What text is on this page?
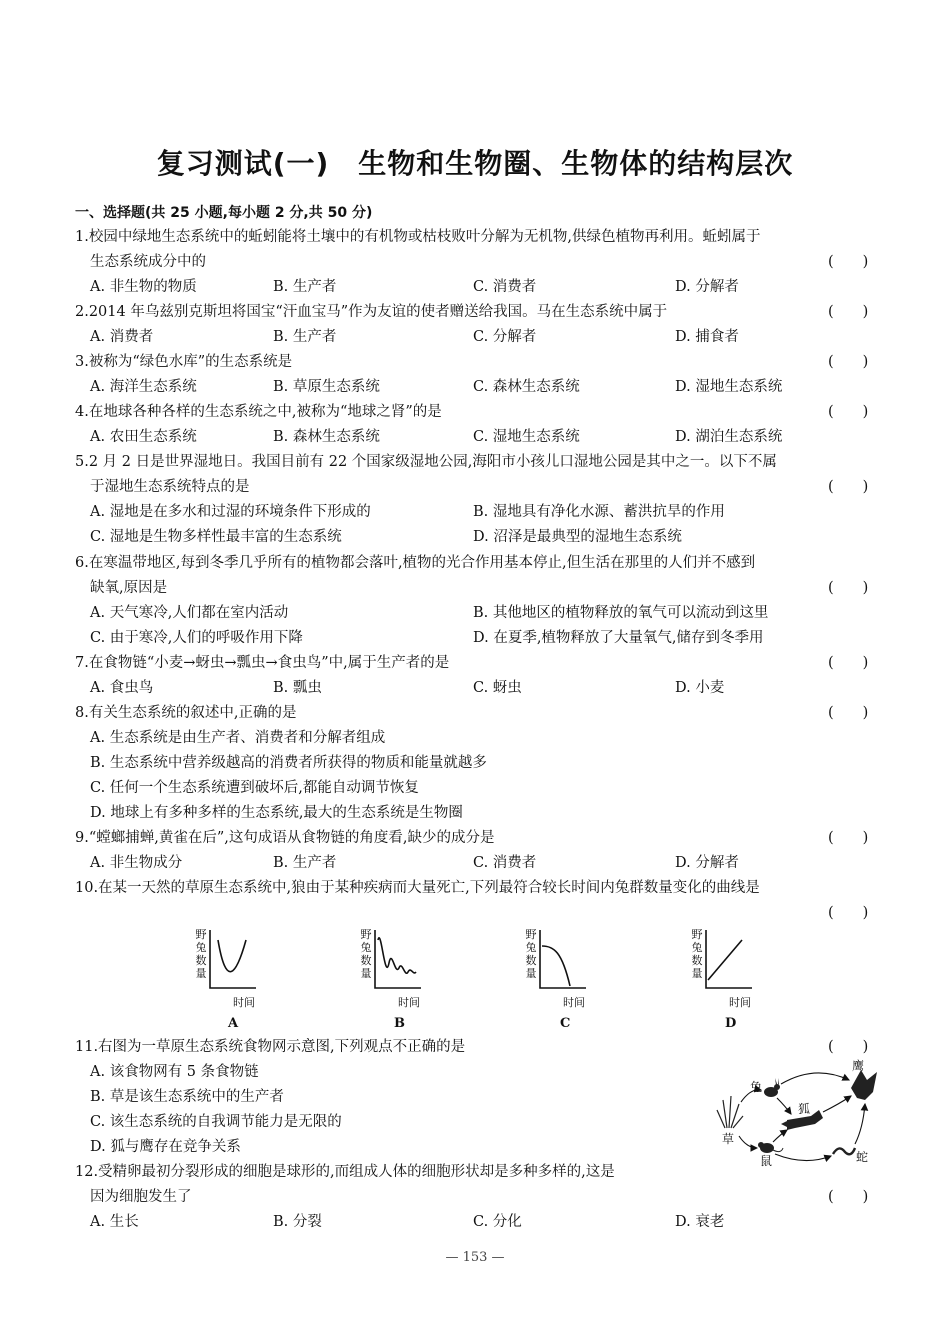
复习测试(一)　生物和生物圈、生物体的结构层次
一、选择题(共 25 小题,每小题 2 分,共 50 分)
1.校园中绿地生态系统中的蚯蚓能将土壤中的有机物或枯枝败叶分解为无机物,供绿色植物再利用。蚯蚓属于
生态系统成分中的	(　　)
A. 非生物的物质	B. 生产者	C. 消费者	D. 分解者
2.2014 年乌兹别克斯坦将国宝“汗血宝马”作为友谊的使者赠送给我国。马在生态系统中属于	(　　)
A. 消费者	B. 生产者	C. 分解者	D. 捕食者
3.被称为“绿色水库”的生态系统是	(　　)
A. 海洋生态系统	B. 草原生态系统	C. 森林生态系统	D. 湿地生态系统
4.在地球各种各样的生态系统之中,被称为“地球之肾”的是	(　　)
A. 农田生态系统	B. 森林生态系统	C. 湿地生态系统	D. 湖泊生态系统
5.2 月 2 日是世界湿地日。我国目前有 22 个国家级湿地公园,海阳市小孩儿口湿地公园是其中之一。以下不属
于湿地生态系统特点的是	(　　)
A. 湿地是在多水和过湿的环境条件下形成的	B. 湿地具有净化水源、蓄洪抗旱的作用
C. 湿地是生物多样性最丰富的生态系统	D. 沼泽是最典型的湿地生态系统
6.在寒温带地区,每到冬季几乎所有的植物都会落叶,植物的光合作用基本停止,但生活在那里的人们并不感到
缺氧,原因是	(　　)
A. 天气寒冷,人们都在室内活动	B. 其他地区的植物释放的氧气可以流动到这里
C. 由于寒冷,人们的呼吸作用下降	D. 在夏季,植物释放了大量氧气,储存到冬季用
7.在食物链“小麦→蚜虫→瓢虫→食虫鸟”中,属于生产者的是	(　　)
A. 食虫鸟	B. 瓢虫	C. 蚜虫	D. 小麦
8.有关生态系统的叙述中,正确的是	(　　)
A. 生态系统是由生产者、消费者和分解者组成
B. 生态系统中营养级越高的消费者所获得的物质和能量就越多
C. 任何一个生态系统遭到破坏后,都能自动调节恢复
D. 地球上有多种多样的生态系统,最大的生态系统是生物圈
9.“螳螂捕蝉,黄雀在后”,这句成语从食物链的角度看,缺少的成分是	(　　)
A. 非生物成分	B. 生产者	C. 消费者	D. 分解者
10.在某一天然的草原生态系统中,狼由于某种疾病而大量死亡,下列最符合较长时间内兔群数量变化的曲线是
(　　)
野兔数量
时间
A
野兔数量
时间
B
野兔数量
时间
C
野兔数量
时间
D
11.右图为一草原生态系统食物网示意图,下列观点不正确的是	(　　)
A. 该食物网有 5 条食物链
B. 草是该生态系统中的生产者
C. 该生态系统的自我调节能力是无限的
D. 狐与鹰存在竞争关系
兔
鹰
狐
草
鼠	蛇
12.受精卵最初分裂形成的细胞是球形的,而组成人体的细胞形状却是多种多样的,这是
因为细胞发生了	(　　)
A. 生长	B. 分裂	C. 分化	D. 衰老
— 153 —
